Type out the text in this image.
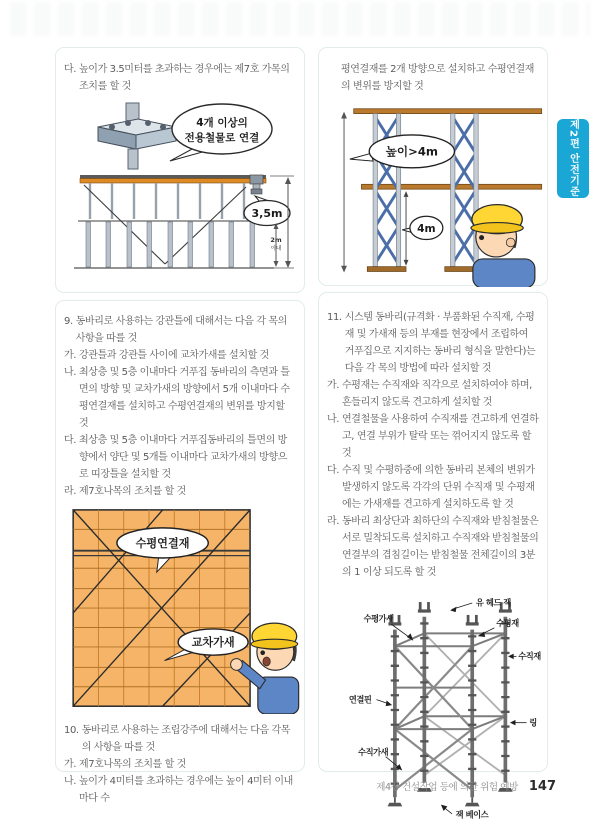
제2편 안전기준
다. 높이가 3.5미터를 초과하는 경우에는 제7호 가목의 조치를 할 것
4개 이상의
전용철물로 연결
3,5m
2m
이내
평연결재를 2개 방향으로 설치하고 수평연결재의 변위를 방지할 것
높이>4m
4m
9. 동바리로 사용하는 강관틀에 대해서는 다음 각 목의 사항을 따를 것
가. 강관틀과 강관틀 사이에 교차가새를 설치할 것
나. 최상층 및 5층 이내마다 거푸집 동바리의 측면과 틀면의 방향 및 교차가새의 방향에서 5개 이내마다 수평연결재를 설치하고 수평연결재의 변위를 방지할 것
다. 최상층 및 5층 이내마다 거푸집동바리의 틀면의 방향에서 양단 및 5개틀 이내마다 교차가새의 방향으로 띠장틀을 설치할 것
라. 제7호나목의 조치를 할 것
수평연결재
교차가새
10. 동바리로 사용하는 조립강주에 대해서는 다음 각목의 사항을 따를 것
가. 제7호나목의 조치를 할 것
나. 높이가 4미터를 초과하는 경우에는 높이 4미터 이내마다 수
11. 시스템 동바리(규격화 · 부품화된 수직재, 수평재 및 가새재 등의 부재를 현장에서 조립하여 거푸집으로 지지하는 동바리 형식을 말한다)는 다음 각 목의 방법에 따라 설치할 것
가. 수평재는 수직재와 직각으로 설치하여야 하며, 흔들리지 않도록 견고하게 설치할 것
나. 연결철물을 사용하여 수직재를 견고하게 연결하고, 연결 부위가 탈락 또는 꺾어지지 않도록 할 것
다. 수직 및 수평하중에 의한 동바리 본체의 변위가 발생하지 않도록 각각의 단위 수직재 및 수평재에는 가새재를 견고하게 설치하도록 할 것
라. 동바리 최상단과 최하단의 수직재와 받침철물은 서로 밀착되도록 설치하고 수직재와 받침철물의 연결부의 겹침길이는 받침철물 전체길이의 3분의 1 이상 되도록 할 것
유 헤드 잭
수평가새	수평재
수직재
연결핀
링
수직가새
잭 베이스
제4장 건설작업 등에 의한 위험 예방 147
